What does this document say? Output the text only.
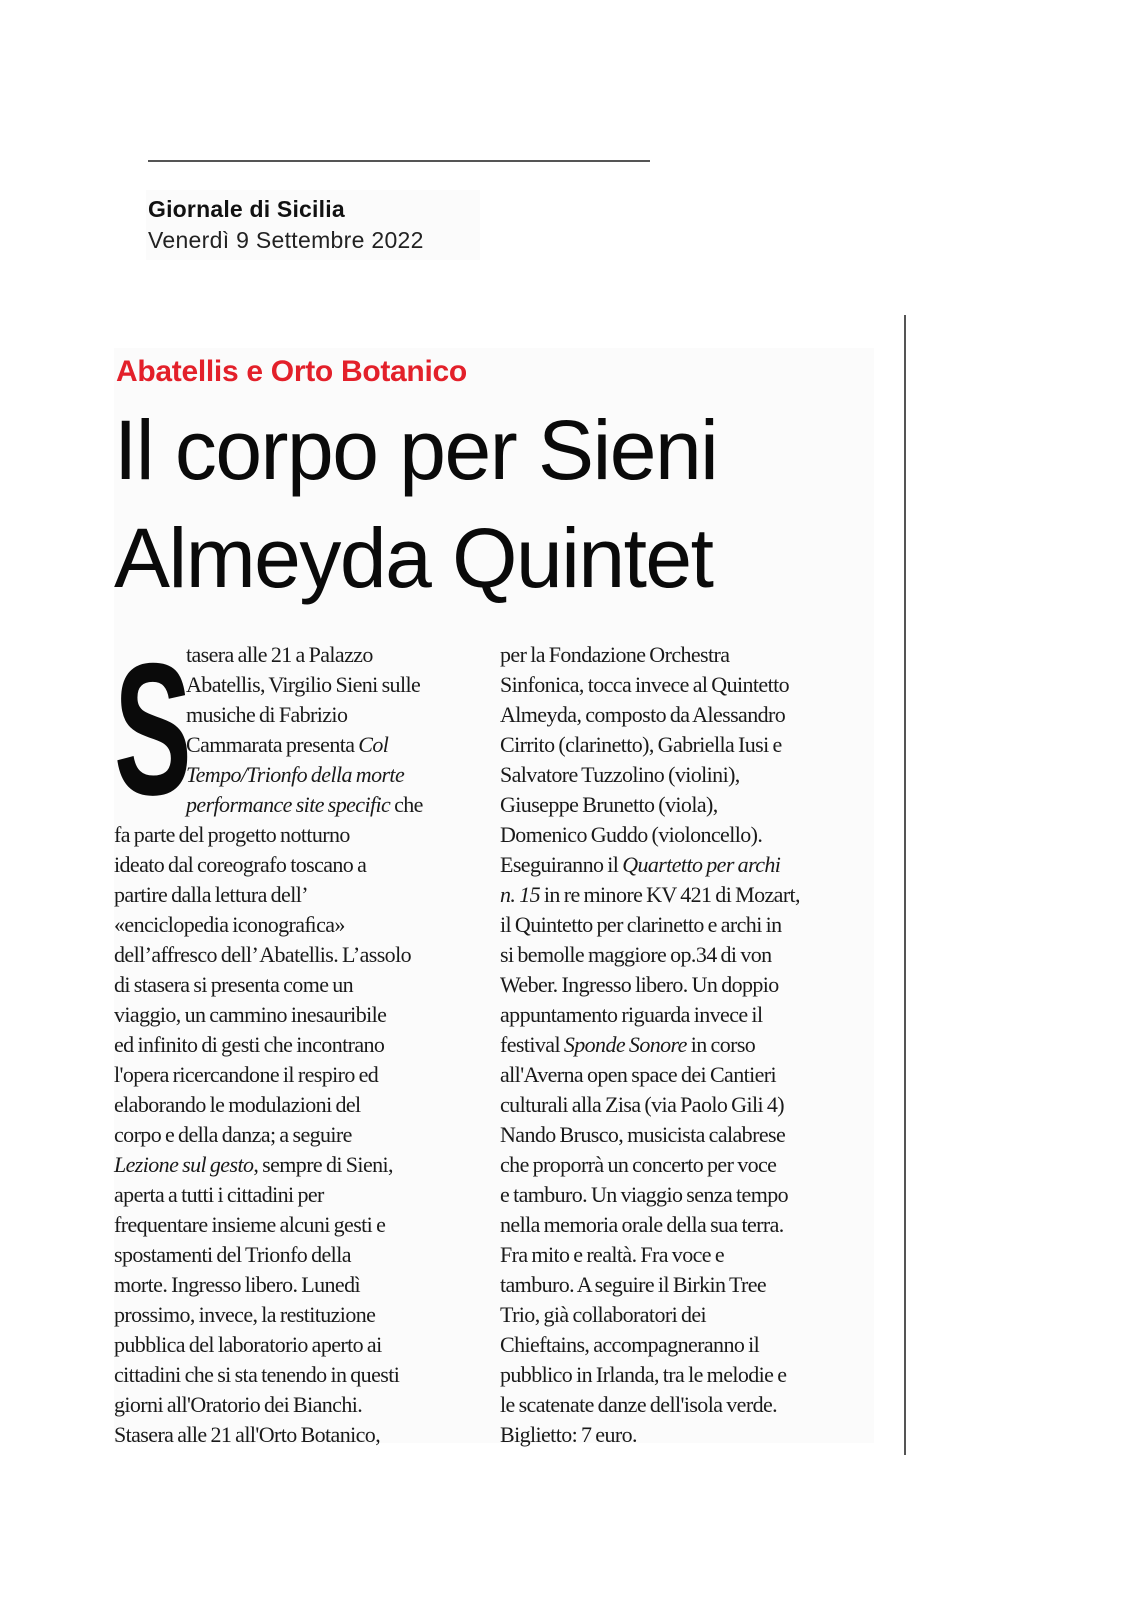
Giornale di Sicilia
Venerdì 9 Settembre 2022
Abatellis e Orto Botanico
Il corpo per Sieni
Almeyda Quintet
S
tasera alle 21 a Palazzo
Abatellis, Virgilio Sieni sulle
musiche di Fabrizio
Cammarata presenta Col
Tempo/Trionfo della morte
performance site specific che
fa parte del progetto notturno
ideato dal coreografo toscano a
partire dalla lettura dell’
«enciclopedia iconograﬁca»
dell’affresco dell’ Abatellis. L’assolo
di stasera si presenta come un
viaggio, un cammino inesauribile
ed infinito di gesti che incontrano
l'opera ricercandone il respiro ed
elaborando le modulazioni del
corpo e della danza; a seguire
Lezione sul gesto, sempre di Sieni,
aperta a tutti i cittadini per
frequentare insieme alcuni gesti e
spostamenti del Trionfo della
morte. Ingresso libero. Lunedì
prossimo, invece, la restituzione
pubblica del laboratorio aperto ai
cittadini che si sta tenendo in questi
giorni all'Oratorio dei Bianchi.
Stasera alle 21 all'Orto Botanico,
per la Fondazione Orchestra
Sinfonica, tocca invece al Quintetto
Almeyda, composto da Alessandro
Cirrito (clarinetto), Gabriella Iusi e
Salvatore Tuzzolino (violini),
Giuseppe Brunetto (viola),
Domenico Guddo (violoncello).
Eseguiranno il Quartetto per archi
n. 15 in re minore KV 421 di Mozart,
il Quintetto per clarinetto e archi in
si bemolle maggiore op.34 di von
Weber. Ingresso libero. Un doppio
appuntamento riguarda invece il
festival Sponde Sonore in corso
all'Averna open space dei Cantieri
culturali alla Zisa (via Paolo Gili 4)
Nando Brusco, musicista calabrese
che proporrà un concerto per voce
e tamburo. Un viaggio senza tempo
nella memoria orale della sua terra.
Fra mito e realtà. Fra voce e
tamburo. A seguire il Birkin Tree
Trio, già collaboratori dei
Chieftains, accompagneranno il
pubblico in Irlanda, tra le melodie e
le scatenate danze dell'isola verde.
Biglietto: 7 euro.
